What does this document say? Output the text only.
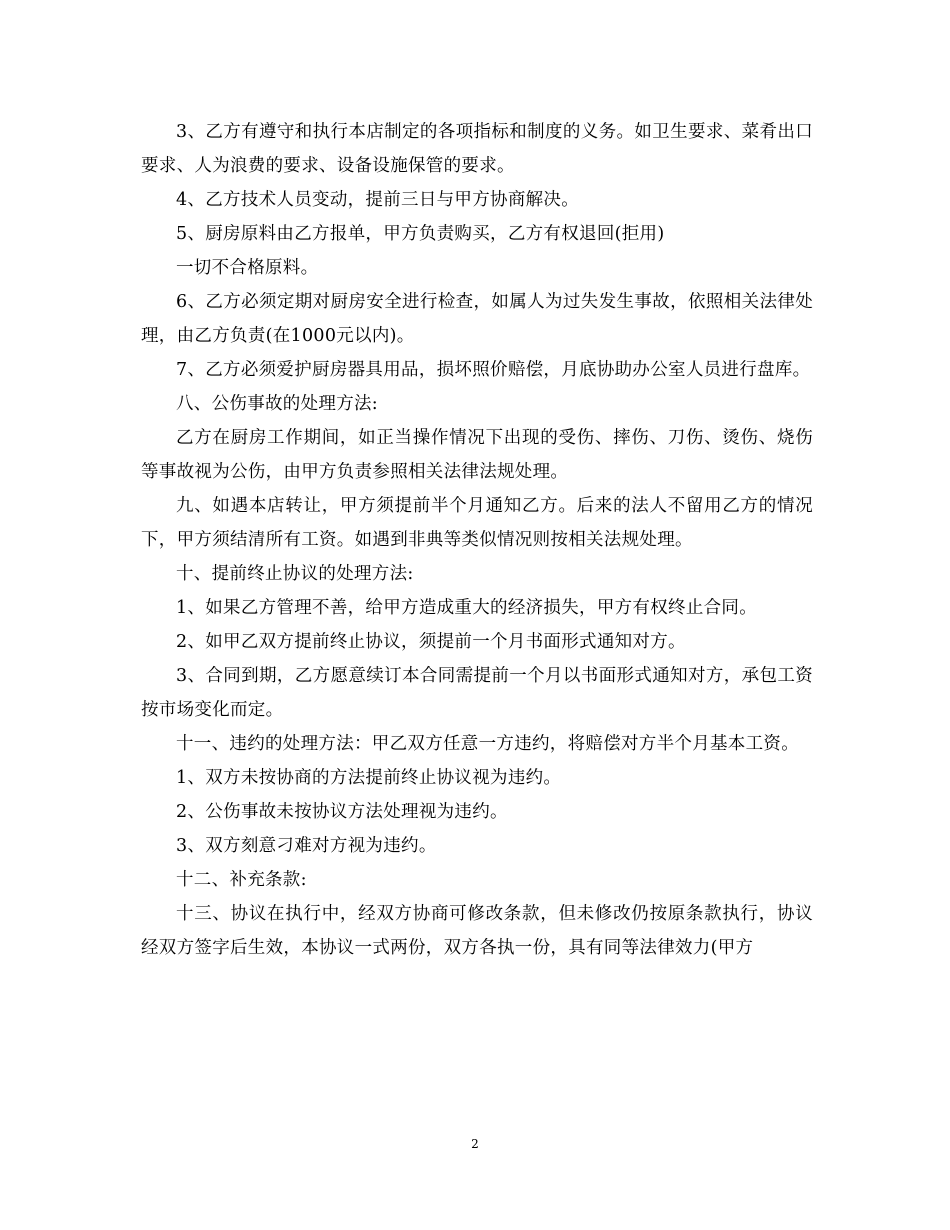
3、乙方有遵守和执行本店制定的各项指标和制度的义务。如卫生要求、菜肴出口要求、人为浪费的要求、设备设施保管的要求。

4、乙方技术人员变动，提前三日与甲方协商解决。

5、厨房原料由乙方报单，甲方负责购买，乙方有权退回(拒用)

一切不合格原料。

6、乙方必须定期对厨房安全进行检查，如属人为过失发生事故，依照相关法律处理，由乙方负责(在1000元以内)。

7、乙方必须爱护厨房器具用品，损坏照价赔偿，月底协助办公室人员进行盘库。

八、公伤事故的处理方法:

乙方在厨房工作期间，如正当操作情况下出现的受伤、摔伤、刀伤、烫伤、烧伤等事故视为公伤，由甲方负责参照相关法律法规处理。

九、如遇本店转让，甲方须提前半个月通知乙方。后来的法人不留用乙方的情况下，甲方须结清所有工资。如遇到非典等类似情况则按相关法规处理。

十、提前终止协议的处理方法:

1、如果乙方管理不善，给甲方造成重大的经济损失，甲方有权终止合同。

2、如甲乙双方提前终止协议，须提前一个月书面形式通知对方。

3、合同到期，乙方愿意续订本合同需提前一个月以书面形式通知对方，承包工资按市场变化而定。

十一、违约的处理方法：甲乙双方任意一方违约，将赔偿对方半个月基本工资。

1、双方未按协商的方法提前终止协议视为违约。

2、公伤事故未按协议方法处理视为违约。

3、双方刻意刁难对方视为违约。

十二、补充条款:

十三、协议在执行中，经双方协商可修改条款，但未修改仍按原条款执行，协议经双方签字后生效，本协议一式两份，双方各执一份，具有同等法律效力(甲方

2
